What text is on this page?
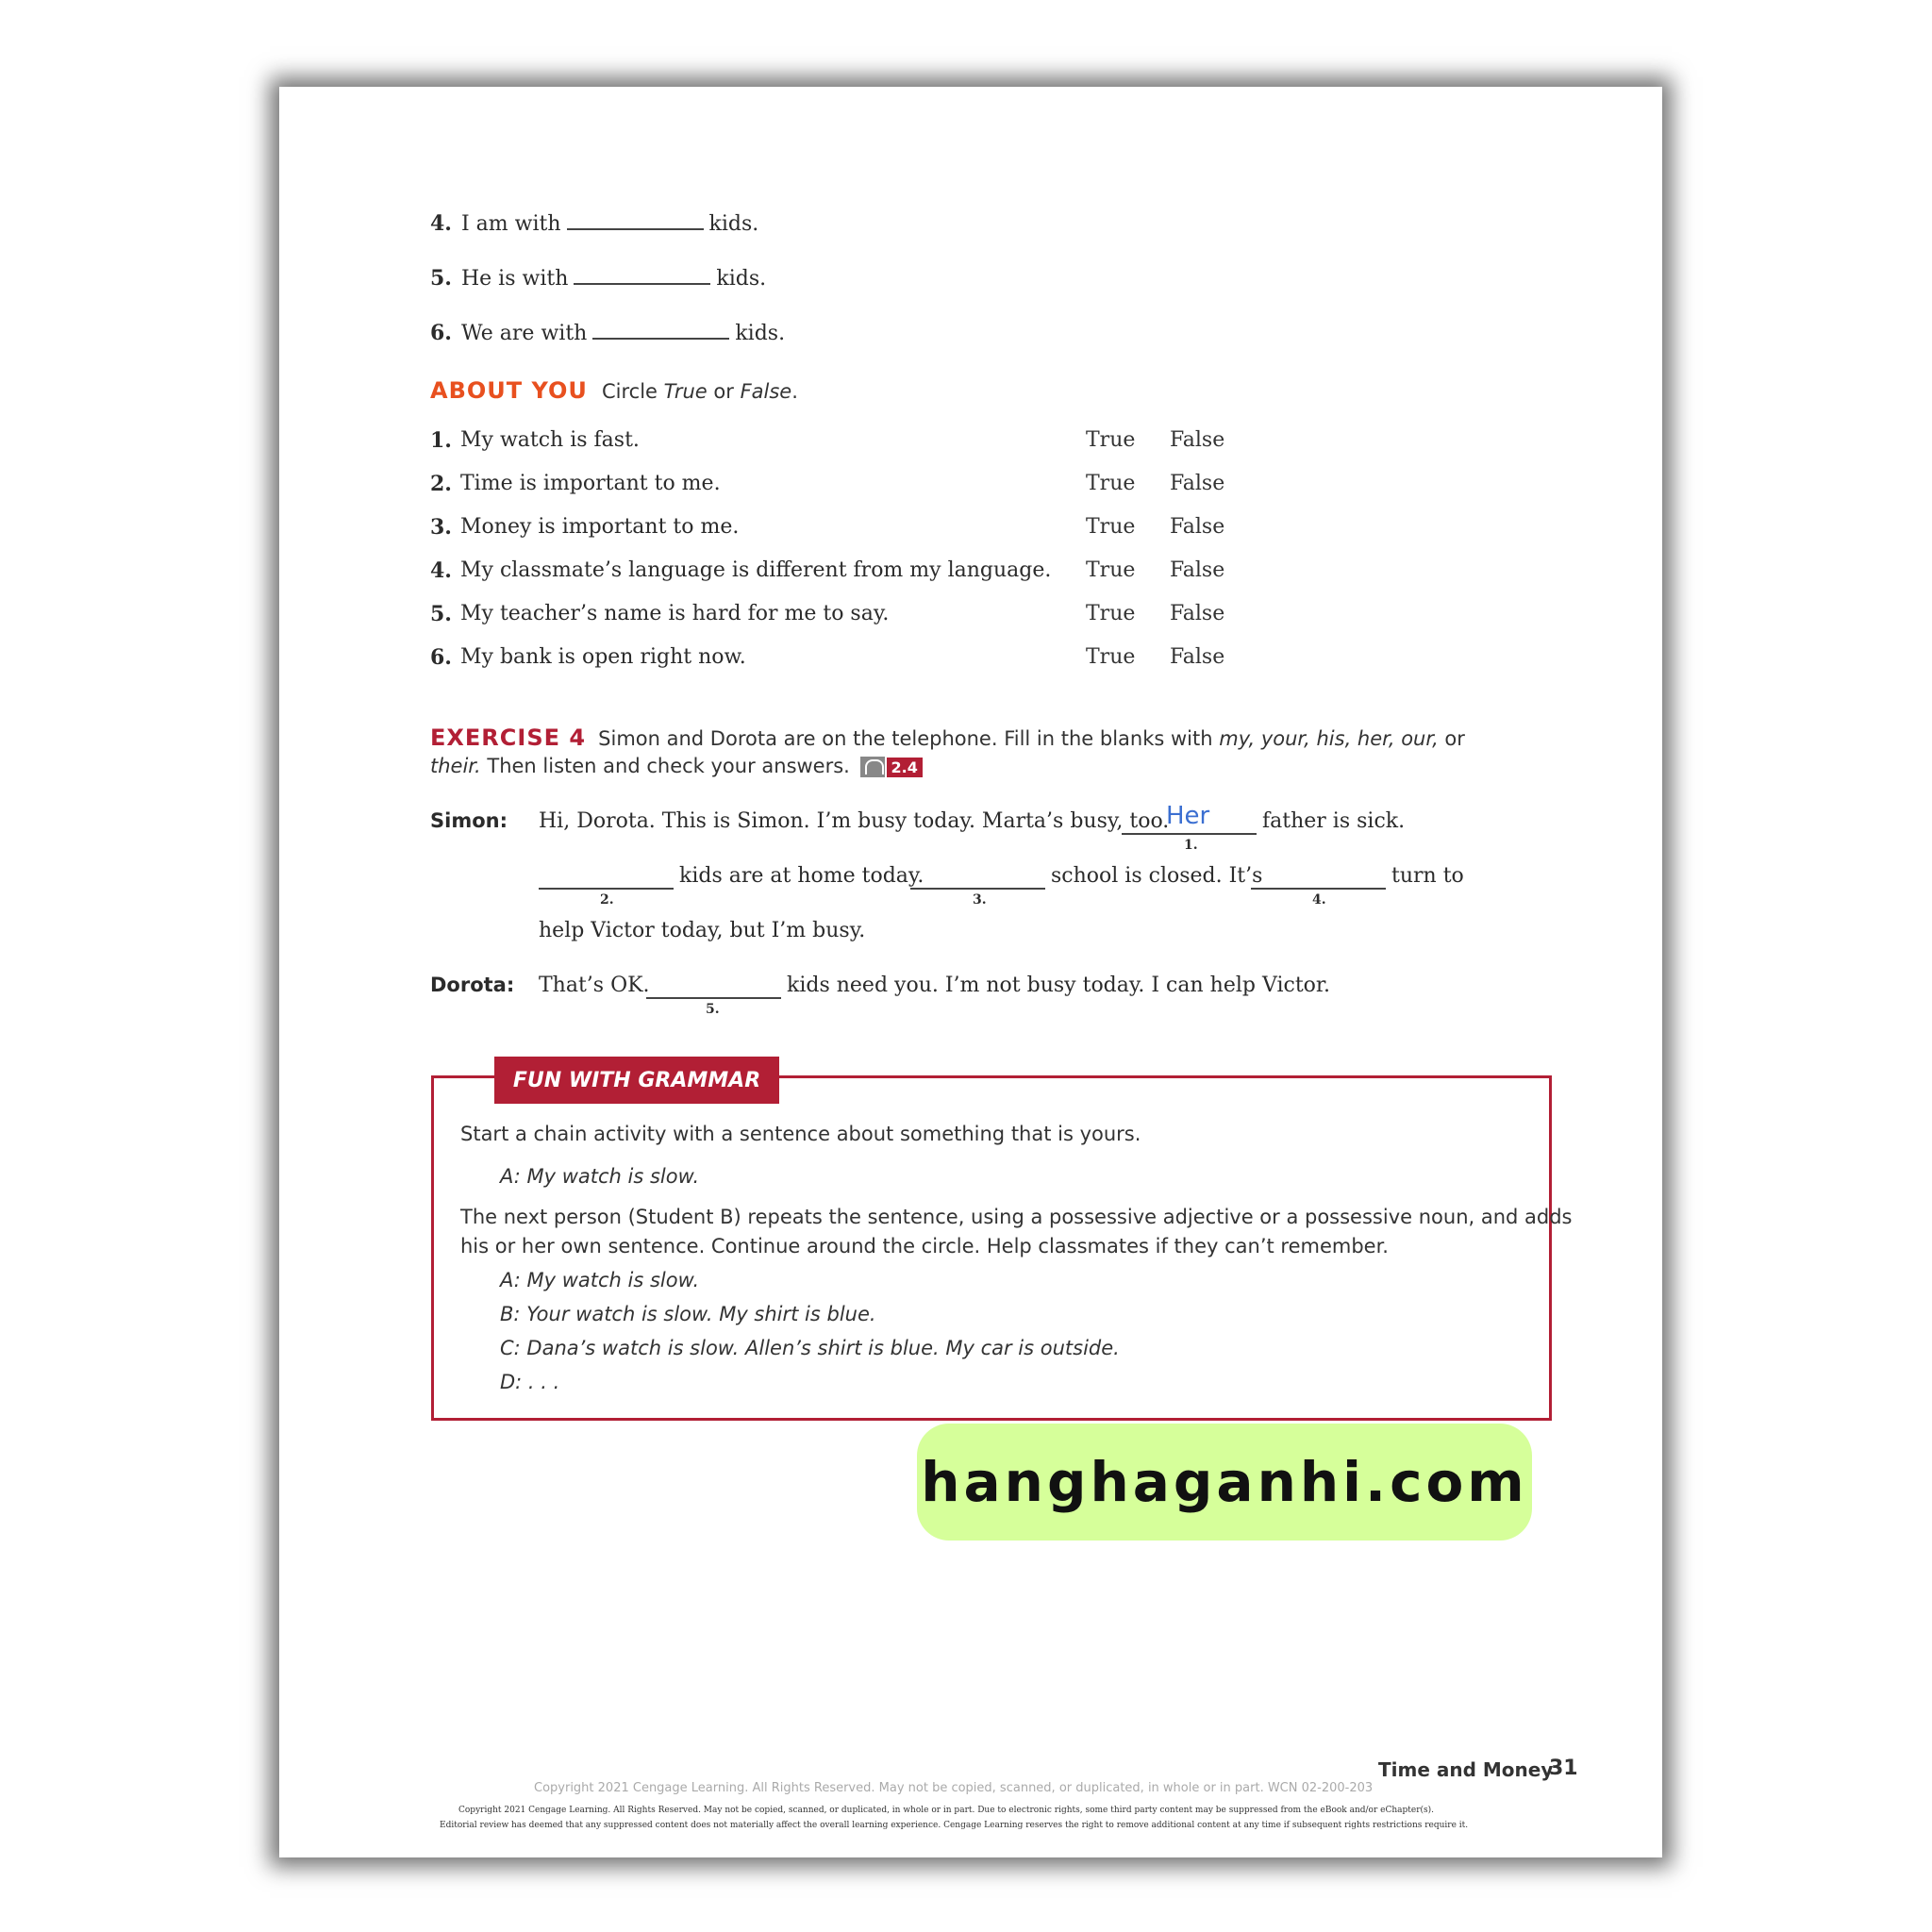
4. I am with	kids.
5. He is with	kids.
6. We are with	kids.
ABOUT YOU Circle True or False.
1. My watch is fast.	True False
2. Time is important to me.	True False
3. Money is important to me.	True False
4. My classmate’s language is different from my language. True False
5. My teacher’s name is hard for me to say.	True False
6. My bank is open right now.	True False
EXERCISE 4 Simon and Dorota are on the telephone. Fill in the blanks with my, your, his, her, our, or
their. Then listen and check your answers.	2.4
Simon: Hi, Dorota. This is Simon. I’m busy today. Marta’s busy, too.
Her
1.
father is sick.
2.
kids are at home today.
3.
school is closed. It’s
4.
turn to
help Victor today, but I’m busy.
Dorota: That’s OK.
5.
kids need you. I’m not busy today. I can help Victor.
FUN WITH GRAMMAR
Start a chain activity with a sentence about something that is yours.
A: My watch is slow.
The next person (Student B) repeats the sentence, using a possessive adjective or a possessive noun, and adds
his or her own sentence. Continue around the circle. Help classmates if they can’t remember.
A: My watch is slow.
B: Your watch is slow. My shirt is blue.
C: Dana’s watch is slow. Allen’s shirt is blue. My car is outside.
D: . . .
Time and Money
31
Copyright 2021 Cengage Learning. All Rights Reserved. May not be copied, scanned, or duplicated, in whole or in part. WCN 02-200-203
Copyright 2021 Cengage Learning. All Rights Reserved. May not be copied, scanned, or duplicated, in whole or in part. Due to electronic rights, some third party content may be suppressed from the eBook and/or eChapter(s).
Editorial review has deemed that any suppressed content does not materially affect the overall learning experience. Cengage Learning reserves the right to remove additional content at any time if subsequent rights restrictions require it.
hanghaganhi.com
